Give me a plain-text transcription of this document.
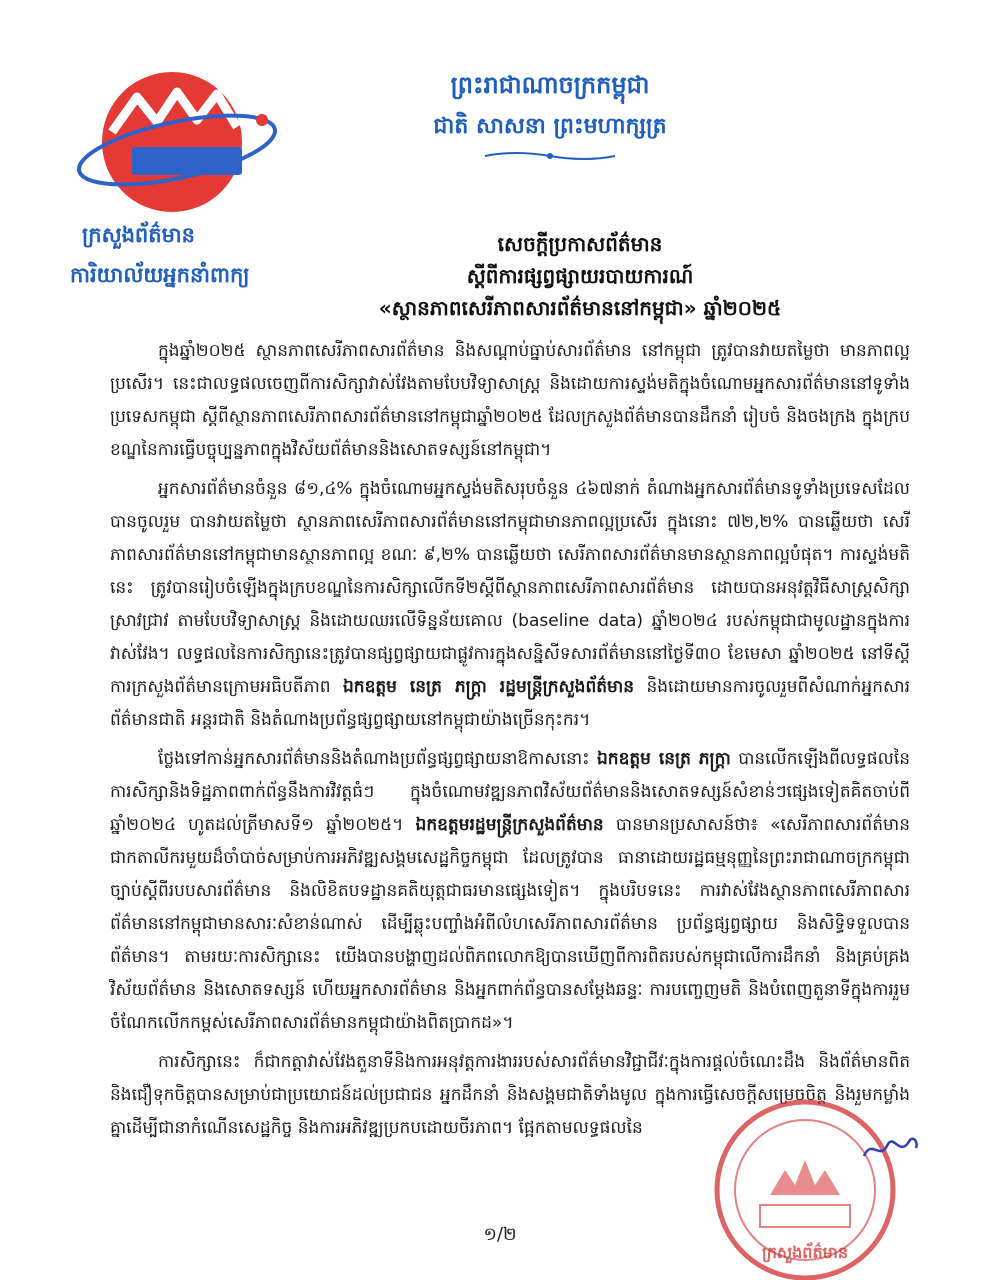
ក្រសួងព័ត៌មាន
ការិយាល័យអ្នកនាំពាក្យ
ព្រះរាជាណាចក្រកម្ពុជា
ជាតិ សាសនា ព្រះមហាក្សត្រ
សេចក្ដីប្រកាសព័ត៌មាន
ស្ដីពីការផ្សព្វផ្សាយរបាយការណ៍
«ស្ថានភាពសេរីភាពសារព័ត៌មាននៅកម្ពុជា» ឆ្នាំ២០២៥

ក្នុងឆ្នាំ២០២៥ ស្ថានភាពសេរីភាពសារព័ត៌មាន និងសណ្ដាប់ធ្នាប់សារព័ត៌មាន នៅកម្ពុជា ត្រូវបានវាយតម្លៃថា មានភាពល្អប្រសើរ។ នេះជាលទ្ធផលចេញពីការសិក្សាវាស់វែងតាមបែបវិទ្យាសាស្ត្រ និងដោយការស្ទង់មតិក្នុងចំណោមអ្នកសារព័ត៌មាននៅទូទាំងប្រទេសកម្ពុជា ស្ដីពីស្ថានភាពសេរីភាពសារព័ត៌មាននៅកម្ពុជាឆ្នាំ២០២៥ ដែលក្រសួងព័ត៌មានបានដឹកនាំ រៀបចំ និងចងក្រង ក្នុងក្របខណ្ឌនៃការធ្វើបច្ចុប្បន្នភាពក្នុងវិស័យព័ត៌មាននិងសោតទស្សន៍នៅកម្ពុជា។

អ្នកសារព័ត៌មានចំនួន ៨១,៤% ក្នុងចំណោមអ្នកស្ទង់មតិសរុបចំនួន ៤៦៧នាក់ តំណាងអ្នកសារព័ត៌មានទូទាំងប្រទេសដែលបានចូលរួម បានវាយតម្លៃថា ស្ថានភាពសេរីភាពសារព័ត៌មាននៅកម្ពុជាមានភាពល្អប្រសើរ ក្នុងនោះ ៧២,២% បានឆ្លើយថា សេរីភាពសារព័ត៌មាននៅកម្ពុជាមានស្ថានភាពល្អ ខណៈ ៩,២% បានឆ្លើយថា សេរីភាពសារព័ត៌មានមានស្ថានភាពល្អបំផុត។ ការស្ទង់មតិនេះ ត្រូវបានរៀបចំឡើងក្នុងក្របខណ្ឌនៃការសិក្សាលើកទី២ស្ដីពីស្ថានភាពសេរីភាពសារព័ត៌មាន ដោយបានអនុវត្តវិធីសាស្ត្រសិក្សាស្រាវជ្រាវ តាមបែបវិទ្យាសាស្ត្រ និងដោយឈរលើទិន្នន័យគោល (baseline data) ឆ្នាំ២០២៤ របស់កម្ពុជាជាមូលដ្ឋានក្នុងការវាស់វែង។ លទ្ធផលនៃការសិក្សានេះត្រូវបានផ្សព្វផ្សាយជាផ្លូវការក្នុងសន្និសីទសារព័ត៌មាននៅថ្ងៃទី៣០ ខែមេសា ឆ្នាំ២០២៥ នៅទីស្ដីការក្រសួងព័ត៌មានក្រោមអធិបតីភាព ឯកឧត្ដម នេត្រ ភក្ត្រា រដ្ឋមន្ត្រីក្រសួងព័ត៌មាន និងដោយមានការចូលរួមពីសំណាក់អ្នកសារព័ត៌មានជាតិ អន្តរជាតិ និងតំណាងប្រព័ន្ធផ្សព្វផ្សាយនៅកម្ពុជាយ៉ាងច្រើនកុះករ។

ថ្លែងទៅកាន់អ្នកសារព័ត៌មាននិងតំណាងប្រព័ន្ធផ្សព្វផ្សាយនាឱកាសនោះ ឯកឧត្ដម នេត្រ ភក្ត្រា បានលើកឡើងពីលទ្ធផលនៃការសិក្សានិងទិដ្ឋភាពពាក់ព័ន្ធនឹងការវិវត្តធំៗ ក្នុងចំណោមវឌ្ឍនភាពវិស័យព័ត៌មាននិងសោតទស្សន៍សំខាន់ៗផ្សេងទៀតគិតចាប់ពីឆ្នាំ២០២៤ ហូតដល់ត្រីមាសទី១ ឆ្នាំ២០២៥។ ឯកឧត្ដមរដ្ឋមន្ត្រីក្រសួងព័ត៌មាន បានមានប្រសាសន៍ថា៖ «សេរីភាពសារព័ត៌មានជាកតាលីករមួយដ៏ចាំបាច់សម្រាប់ការអភិវឌ្ឍសង្គមសេដ្ឋកិច្ចកម្ពុជា ដែលត្រូវបាន ធានាដោយរដ្ឋធម្មនុញ្ញនៃព្រះរាជាណាចក្រកម្ពុជា ច្បាប់ស្ដីពីរបបសារព័ត៌មាន និងលិខិតបទដ្ឋានគតិយុត្តជាធរមានផ្សេងទៀត។ ក្នុងបរិបទនេះ ការវាស់វែងស្ថានភាពសេរីភាពសារព័ត៌មាននៅកម្ពុជាមានសារៈសំខាន់ណាស់ ដើម្បីឆ្លុះបញ្ចាំងអំពីលំហសេរីភាពសារព័ត៌មាន ប្រព័ន្ធផ្សព្វផ្សាយ និងសិទ្ធិទទួលបានព័ត៌មាន។ តាមរយៈការសិក្សានេះ យើងបានបង្ហាញដល់ពិភពលោកឱ្យបានឃើញពីការពិតរបស់កម្ពុជាលើការដឹកនាំ និងគ្រប់គ្រងវិស័យព័ត៌មាន និងសោតទស្សន៍ ហើយអ្នកសារព័ត៌មាន និងអ្នកពាក់ព័ន្ធបានសម្ដែងឆន្ទៈ ការបញ្ចេញមតិ និងបំពេញតួនាទីក្នុងការរួមចំណែកលើកកម្ពស់សេរីភាពសារព័ត៌មានកម្ពុជាយ៉ាងពិតប្រាកដ»។

ការសិក្សានេះ ក៏ជាកត្តាវាស់វែងតួនាទីនិងការអនុវត្តការងាររបស់សារព័ត៌មានវិជ្ជាជីវៈក្នុងការផ្ដល់ចំណេះដឹង និងព័ត៌មានពិត និងជឿទុកចិត្តបានសម្រាប់ជាប្រយោជន៍ដល់ប្រជាជន អ្នកដឹកនាំ និងសង្គមជាតិទាំងមូល ក្នុងការធ្វើសេចក្ដីសម្រេចចិត្ត និងរួមកម្លាំងគ្នាដើម្បីជានាកំណើនសេដ្ឋកិច្ច និងការអភិវឌ្ឍប្រកបដោយចីរភាព។ ផ្អែកតាមលទ្ធផលនៃ

១/២
ក្រសួងព័ត៌មាន
